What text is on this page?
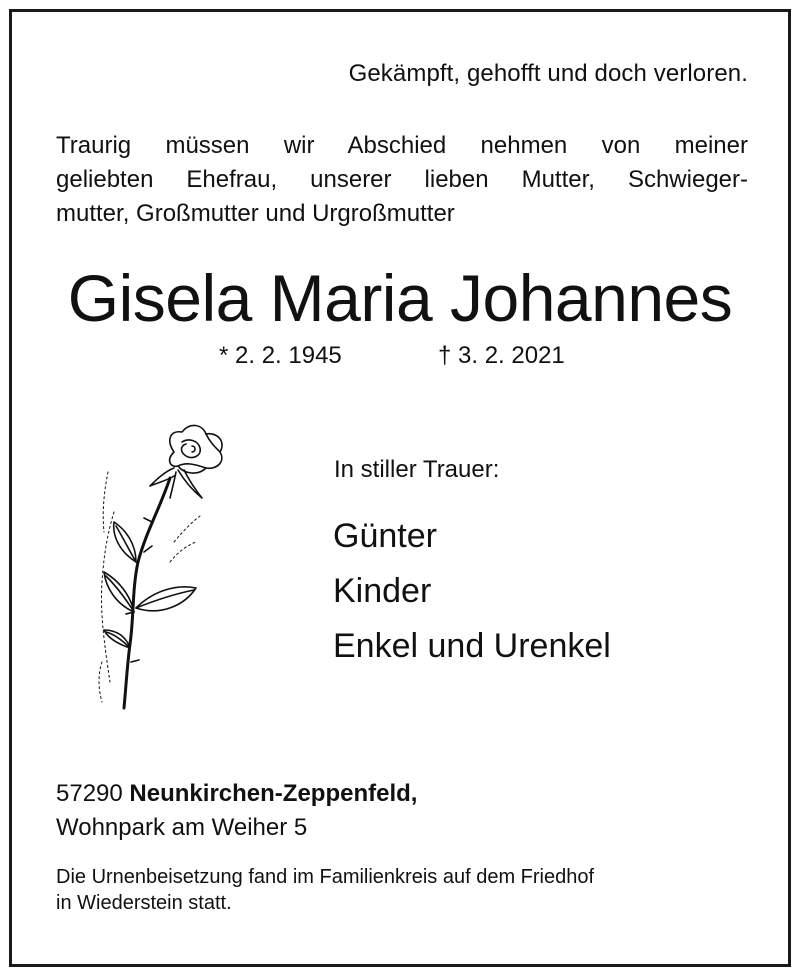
Gekämpft, gehofft und doch verloren.
Traurig müssen wir Abschied nehmen von meiner
geliebten Ehefrau, unserer lieben Mutter, Schwieger-
mutter, Großmutter und Urgroßmutter
Gisela Maria Johannes
* 2. 2. 1945	† 3. 2. 2021
In stiller Trauer:
Günter
Kinder
Enkel und Urenkel
57290 Neunkirchen-Zeppenfeld,
Wohnpark am Weiher 5
Die Urnenbeisetzung fand im Familienkreis auf dem Friedhof
in Wiederstein statt.
